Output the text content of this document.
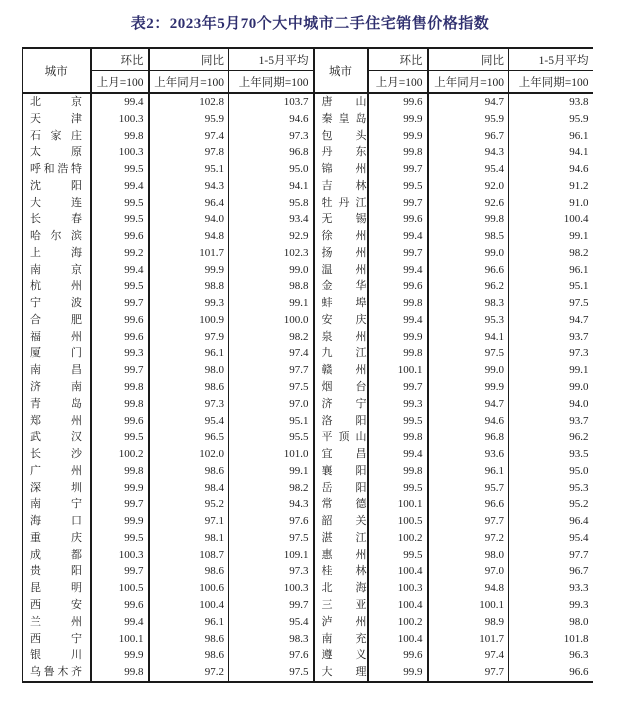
表2：2023年5月70个大中城市二手住宅销售价格指数
城市	环比	同比	1-5月平均	城市	环比	同比	1-5月平均
	上月=100	上年同月=100	上年同期=100		上月=100	上年同月=100	上年同期=100

北 京	99.4	102.8	103.7	唐 山	99.6	94.7	93.8

天 津	100.3	95.9	94.6	秦 皇 岛	99.9	95.9	95.9

石 家 庄	99.8	97.4	97.3	包 头	99.9	96.7	96.1

太 原	100.3	97.8	96.8	丹 东	99.8	94.3	94.1

呼 和 浩 特	99.5	95.1	95.0	锦 州	99.7	95.4	94.6

沈 阳	99.4	94.3	94.1	吉 林	99.5	92.0	91.2

大 连	99.5	96.4	95.8	牡 丹 江	99.7	92.6	91.0

长 春	99.5	94.0	93.4	无 锡	99.6	99.8	100.4

哈 尔 滨	99.6	94.8	92.9	徐 州	99.4	98.5	99.1

上 海	99.2	101.7	102.3	扬 州	99.7	99.0	98.2

南 京	99.4	99.9	99.0	温 州	99.4	96.6	96.1

杭 州	99.5	98.8	98.8	金 华	99.6	96.2	95.1

宁 波	99.7	99.3	99.1	蚌 埠	99.8	98.3	97.5

合 肥	99.6	100.9	100.0	安 庆	99.4	95.3	94.7

福 州	99.6	97.9	98.2	泉 州	99.9	94.1	93.7

厦 门	99.3	96.1	97.4	九 江	99.8	97.5	97.3

南 昌	99.7	98.0	97.7	赣 州	100.1	99.0	99.1

济 南	99.8	98.6	97.5	烟 台	99.7	99.9	99.0

青 岛	99.8	97.3	97.0	济 宁	99.3	94.7	94.0

郑 州	99.6	95.4	95.1	洛 阳	99.5	94.6	93.7

武 汉	99.5	96.5	95.5	平 顶 山	99.8	96.8	96.2

长 沙	100.2	102.0	101.0	宜 昌	99.4	93.6	93.5

广 州	99.8	98.6	99.1	襄 阳	99.8	96.1	95.0

深 圳	99.9	98.4	98.2	岳 阳	99.5	95.7	95.3

南 宁	99.7	95.2	94.3	常 德	100.1	96.6	95.2

海 口	99.9	97.1	97.6	韶 关	100.5	97.7	96.4

重 庆	99.5	98.1	97.5	湛 江	100.2	97.2	95.4

成 都	100.3	108.7	109.1	惠 州	99.5	98.0	97.7

贵 阳	99.7	98.6	97.3	桂 林	100.4	97.0	96.7

昆 明	100.5	100.6	100.3	北 海	100.3	94.8	93.3

西 安	99.6	100.4	99.7	三 亚	100.4	100.1	99.3

兰 州	99.4	96.1	95.4	泸 州	100.2	98.9	98.0

西 宁	100.1	98.6	98.3	南 充	100.4	101.7	101.8

银 川	99.9	98.6	97.6	遵 义	99.6	97.4	96.3

乌 鲁 木 齐	99.8	97.2	97.5	大 理	99.9	97.7	96.6
